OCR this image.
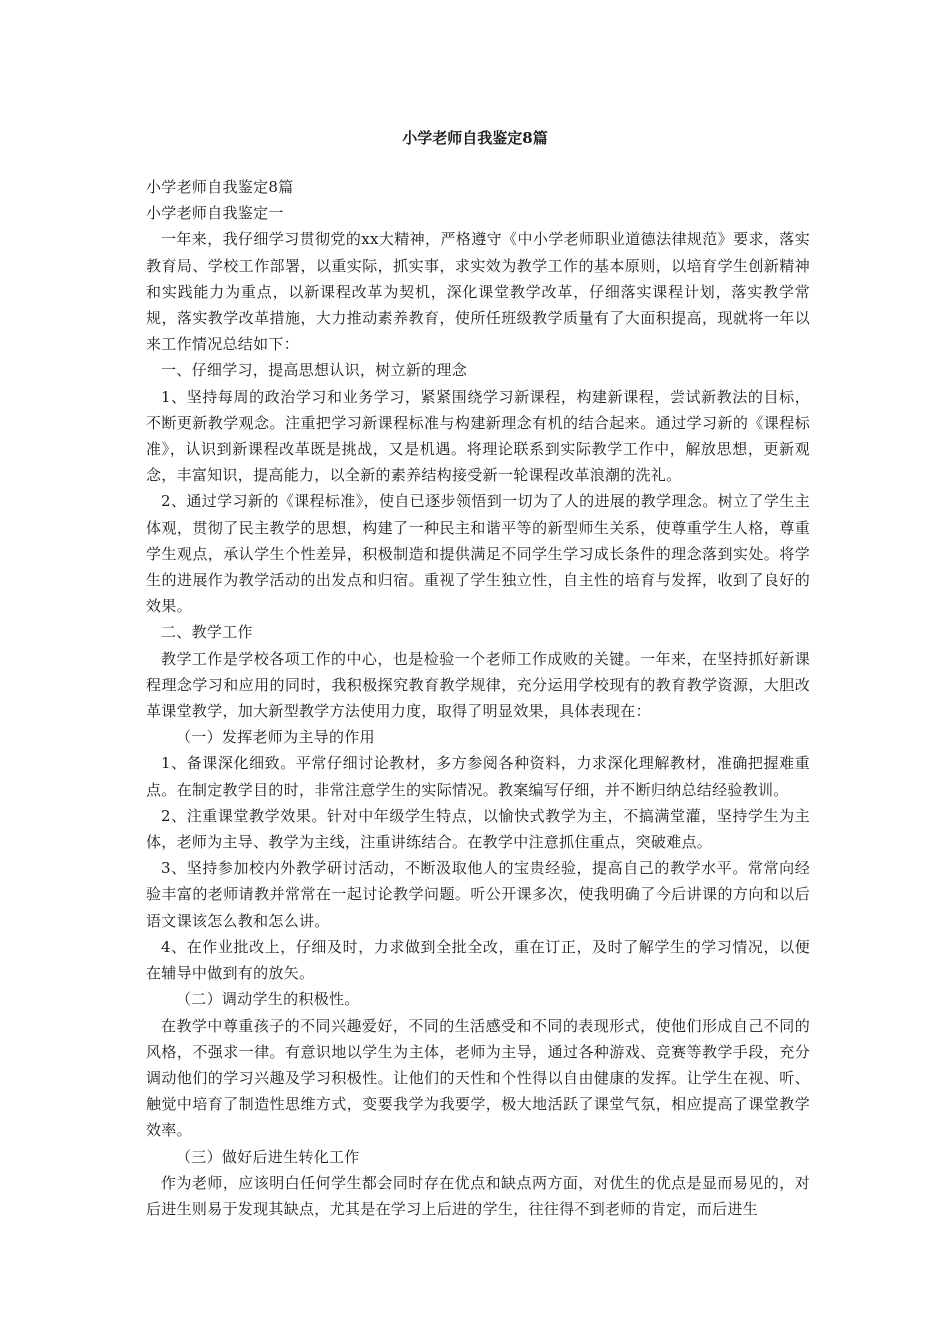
小学老师自我鉴定8篇

小学老师自我鉴定8篇

小学老师自我鉴定一

一年来，我仔细学习贯彻党的xx大精神，严格遵守《中小学老师职业道德法律规范》要求，落实教育局、学校工作部署，以重实际，抓实事，求实效为教学工作的基本原则，以培育学生创新精神和实践能力为重点，以新课程改革为契机，深化课堂教学改革，仔细落实课程计划，落实教学常规，落实教学改革措施，大力推动素养教育，使所任班级教学质量有了大面积提高，现就将一年以来工作情况总结如下：

一、仔细学习，提高思想认识，树立新的理念

1、坚持每周的政治学习和业务学习，紧紧围绕学习新课程，构建新课程，尝试新教法的目标，不断更新教学观念。注重把学习新课程标准与构建新理念有机的结合起来。通过学习新的《课程标准》，认识到新课程改革既是挑战，又是机遇。将理论联系到实际教学工作中，解放思想，更新观念，丰富知识，提高能力，以全新的素养结构接受新一轮课程改革浪潮的洗礼。

2、通过学习新的《课程标准》，使自已逐步领悟到一切为了人的进展的教学理念。树立了学生主体观，贯彻了民主教学的思想，构建了一种民主和谐平等的新型师生关系，使尊重学生人格，尊重学生观点，承认学生个性差异，积极制造和提供满足不同学生学习成长条件的理念落到实处。将学生的进展作为教学活动的出发点和归宿。重视了学生独立性，自主性的培育与发挥，收到了良好的效果。

二、教学工作

教学工作是学校各项工作的中心，也是检验一个老师工作成败的关键。一年来，在坚持抓好新课程理念学习和应用的同时，我积极探究教育教学规律，充分运用学校现有的教育教学资源，大胆改革课堂教学，加大新型教学方法使用力度，取得了明显效果，具体表现在：

（一）发挥老师为主导的作用

1、备课深化细致。平常仔细讨论教材，多方参阅各种资料，力求深化理解教材，准确把握难重点。在制定教学目的时，非常注意学生的实际情况。教案编写仔细，并不断归纳总结经验教训。

2、注重课堂教学效果。针对中年级学生特点，以愉快式教学为主，不搞满堂灌，坚持学生为主体，老师为主导、教学为主线，注重讲练结合。在教学中注意抓住重点，突破难点。

3、坚持参加校内外教学研讨活动，不断汲取他人的宝贵经验，提高自己的教学水平。常常向经验丰富的老师请教并常常在一起讨论教学问题。听公开课多次，使我明确了今后讲课的方向和以后语文课该怎么教和怎么讲。

4、在作业批改上，仔细及时，力求做到全批全改，重在订正，及时了解学生的学习情况，以便在辅导中做到有的放矢。

（二）调动学生的积极性。

在教学中尊重孩子的不同兴趣爱好，不同的生活感受和不同的表现形式，使他们形成自己不同的风格，不强求一律。有意识地以学生为主体，老师为主导，通过各种游戏、竞赛等教学手段，充分调动他们的学习兴趣及学习积极性。让他们的天性和个性得以自由健康的发挥。让学生在视、听、触觉中培育了制造性思维方式，变要我学为我要学，极大地活跃了课堂气氛，相应提高了课堂教学效率。

（三）做好后进生转化工作

作为老师，应该明白任何学生都会同时存在优点和缺点两方面，对优生的优点是显而易见的，对后进生则易于发现其缺点，尤其是在学习上后进的学生，往往得不到老师的肯定，而后进生
